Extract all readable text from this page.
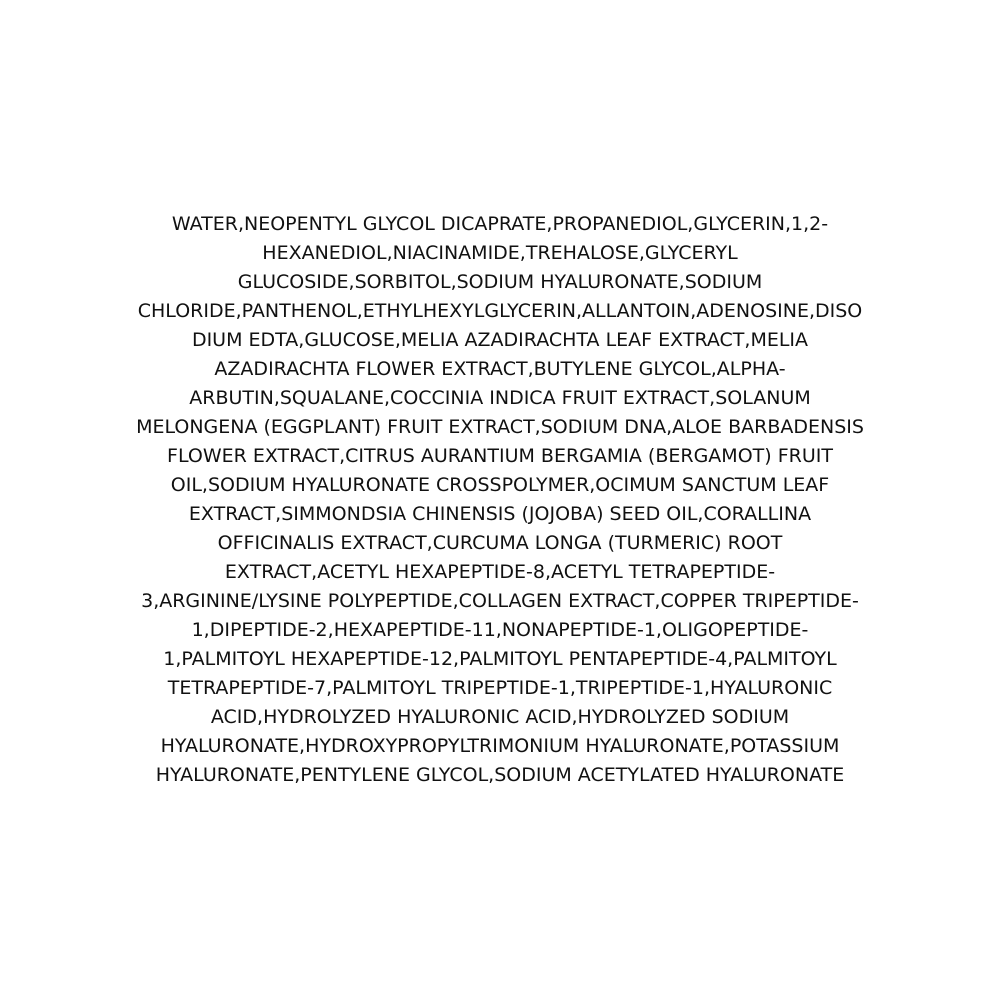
WATER,NEOPENTYL GLYCOL DICAPRATE,PROPANEDIOL,GLYCERIN,1,2-
HEXANEDIOL,NIACINAMIDE,TREHALOSE,GLYCERYL
GLUCOSIDE,SORBITOL,SODIUM HYALURONATE,SODIUM
CHLORIDE,PANTHENOL,ETHYLHEXYLGLYCERIN,ALLANTOIN,ADENOSINE,DISO
DIUM EDTA,GLUCOSE,MELIA AZADIRACHTA LEAF EXTRACT,MELIA
AZADIRACHTA FLOWER EXTRACT,BUTYLENE GLYCOL,ALPHA-
ARBUTIN,SQUALANE,COCCINIA INDICA FRUIT EXTRACT,SOLANUM
MELONGENA (EGGPLANT) FRUIT EXTRACT,SODIUM DNA,ALOE BARBADENSIS
FLOWER EXTRACT,CITRUS AURANTIUM BERGAMIA (BERGAMOT) FRUIT
OIL,SODIUM HYALURONATE CROSSPOLYMER,OCIMUM SANCTUM LEAF
EXTRACT,SIMMONDSIA CHINENSIS (JOJOBA) SEED OIL,CORALLINA
OFFICINALIS EXTRACT,CURCUMA LONGA (TURMERIC) ROOT
EXTRACT,ACETYL HEXAPEPTIDE-8,ACETYL TETRAPEPTIDE-
3,ARGININE/LYSINE POLYPEPTIDE,COLLAGEN EXTRACT,COPPER TRIPEPTIDE-
1,DIPEPTIDE-2,HEXAPEPTIDE-11,NONAPEPTIDE-1,OLIGOPEPTIDE-
1,PALMITOYL HEXAPEPTIDE-12,PALMITOYL PENTAPEPTIDE-4,PALMITOYL
TETRAPEPTIDE-7,PALMITOYL TRIPEPTIDE-1,TRIPEPTIDE-1,HYALURONIC
ACID,HYDROLYZED HYALURONIC ACID,HYDROLYZED SODIUM
HYALURONATE,HYDROXYPROPYLTRIMONIUM HYALURONATE,POTASSIUM
HYALURONATE,PENTYLENE GLYCOL,SODIUM ACETYLATED HYALURONATE
